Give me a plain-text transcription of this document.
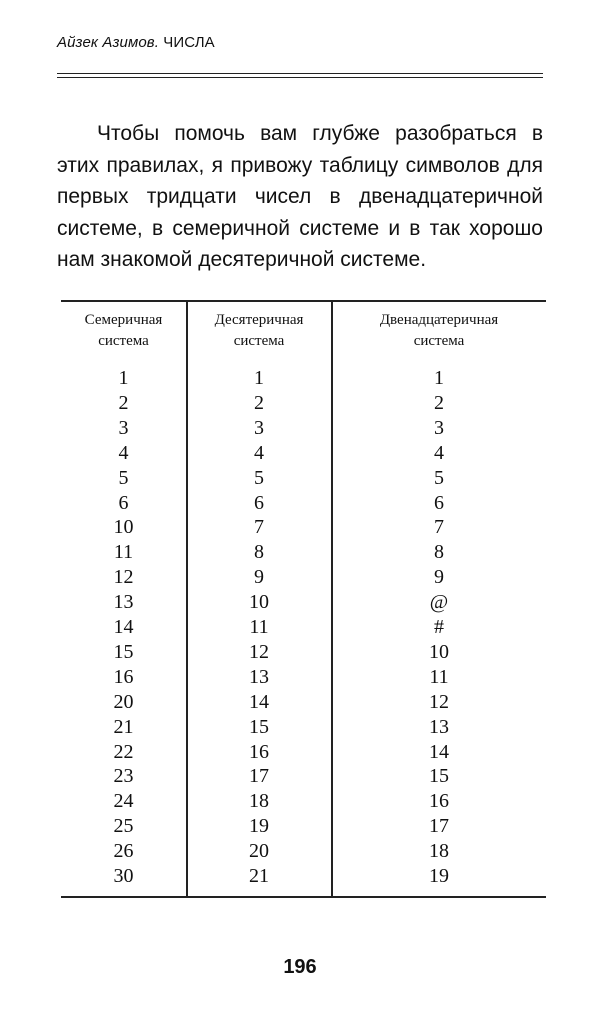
Айзек Азимов. ЧИСЛА
Чтобы помочь вам глубже разобраться в этих правилах, я привожу таблицу символов для первых тридцати чисел в двенадцатеричной системе, в семеричной системе и в так хорошо нам знакомой десятеричной системе.
Семеричная
система
1
2
3
4
5
6
10
11
12
13
14
15
16
20
21
22
23
24
25
26
30
Десятеричная
система
1
2
3
4
5
6
7
8
9
10
11
12
13
14
15
16
17
18
19
20
21
Двенадцатеричная
система
1
2
3
4
5
6
7
8
9
@
#
10
11
12
13
14
15
16
17
18
19
196
